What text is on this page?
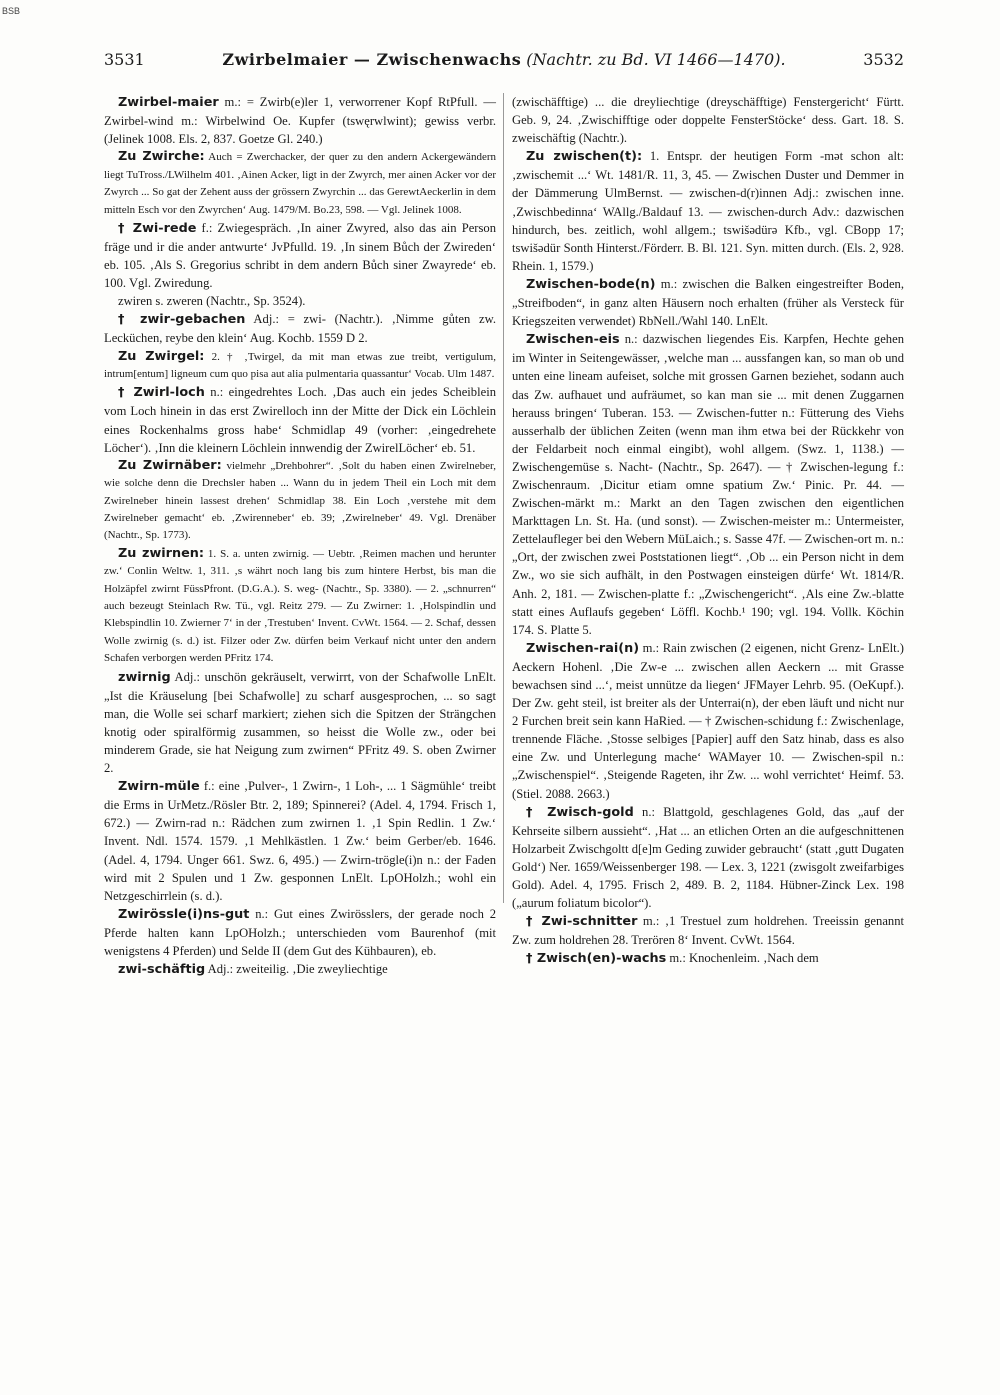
BSB
3531	Zwirbelmaier — Zwischenwachs (Nachtr. zu Bd. VI 1466—1470).	3532

Zwirbel-maier m.: = Zwirb(e)ler 1, verworrener Kopf RtPfull. — Zwirbel-wind m.: Wirbelwind Oe. Kupfer (tswęrwlwint); gewiss verbr. (Jelinek 1008. Els. 2, 837. Goetze Gl. 240.)

Zu Zwirche: Auch = Zwerchacker, der quer zu den andern Ackergewändern liegt TuTross./LWilhelm 401. ‚Ainen Acker, ligt in der Zwyrch, mer ainen Acker vor der Zwyrch ... So gat der Zehent auss der grössern Zwyrchin ... das GerewtAeckerlin in dem mitteln Esch vor den Zwyrchen‘ Aug. 1479/M. Bo.23, 598. — Vgl. Jelinek 1008.

† Zwi-rede f.: Zwiegespräch. ‚In ainer Zwyred, also das ain Person fräge und ir die ander antwurte‘ JvPfulld. 19. ‚In sinem Bůch der Zwireden‘ eb. 105. ‚Als S. Gregorius schribt in dem andern Bůch siner Zwayrede‘ eb. 100. Vgl. Zwiredung.

zwiren s. zweren (Nachtr., Sp. 3524).

† zwir-gebachen Adj.: = zwi- (Nachtr.). ‚Nimme gůten zw. Lecküchen, reybe den klein‘ Aug. Kochb. 1559 D 2.

Zu Zwirgel: 2. † ‚Twirgel, da mit man etwas zue treibt, vertigulum, intrum[entum] ligneum cum quo pisa aut alia pulmentaria quassantur‘ Vocab. Ulm 1487.

† Zwirl-loch n.: eingedrehtes Loch. ‚Das auch ein jedes Scheiblein vom Loch hinein in das erst Zwirelloch inn der Mitte der Dick ein Löchlein eines Rockenhalms gross habe‘ Schmidlap 49 (vorher: ‚eingedrehete Löcher‘). ‚Inn die kleinern Löchlein innwendig der ZwirelLöcher‘ eb. 51.

Zu Zwirnäber: vielmehr „Drehbohrer“. ‚Solt du haben einen Zwirelneber, wie solche denn die Drechsler haben ... Wann du in jedem Theil ein Loch mit dem Zwirelneber hinein lassest drehen‘ Schmidlap 38. Ein Loch ‚verstehe mit dem Zwirelneber gemacht‘ eb. ‚Zwirenneber‘ eb. 39; ‚Zwirelneber‘ 49. Vgl. Drenäber (Nachtr., Sp. 1773).

Zu zwirnen: 1. S. a. unten zwirnig. — Uebtr. ‚Reimen machen und herunter zw.‘ Conlin Weltw. 1, 311. ‚s währt noch lang bis zum hintere Herbst, bis man die Holzäpfel zwirnt FüssPfront. (D.G.A.). S. weg- (Nachtr., Sp. 3380). — 2. „schnurren“ auch bezeugt Steinlach Rw. Tü., vgl. Reitz 279. — Zu Zwirner: 1. ‚Holspindlin und Klebspindlin 10. Zwierner 7‘ in der ‚Trestuben‘ Invent. CvWt. 1564. — 2. Schaf, dessen Wolle zwirnig (s. d.) ist. Filzer oder Zw. dürfen beim Verkauf nicht unter den andern Schafen verborgen werden PFritz 174.

zwirnig Adj.: unschön gekräuselt, verwirrt, von der Schafwolle LnElt. „Ist die Kräuselung [bei Schafwolle] zu scharf ausgesprochen, ... so sagt man, die Wolle sei scharf markiert; ziehen sich die Spitzen der Strängchen knotig oder spiralförmig zusammen, so heisst die Wolle zw., oder bei minderem Grade, sie hat Neigung zum zwirnen“ PFritz 49. S. oben Zwirner 2.

Zwirn-müle f.: eine ‚Pulver-, 1 Zwirn-, 1 Loh-, ... 1 Sägmühle‘ treibt die Erms in UrMetz./Rösler Btr. 2, 189; Spinnerei? (Adel. 4, 1794. Frisch 1, 672.) — Zwirn-rad n.: Rädchen zum zwirnen 1. ‚1 Spin Redlin. 1 Zw.‘ Invent. Ndl. 1574. 1579. ‚1 Mehlkästlen. 1 Zw.‘ beim Gerber/eb. 1646. (Adel. 4, 1794. Unger 661. Swz. 6, 495.) — Zwirn-trögle(i)n n.: der Faden wird mit 2 Spulen und 1 Zw. gesponnen LnElt. LpOHolzh.; wohl ein Netzgeschirrlein (s. d.).

Zwirössle(i)ns-gut n.: Gut eines Zwirösslers, der gerade noch 2 Pferde halten kann LpOHolzh.; unterschieden vom Baurenhof (mit wenigstens 4 Pferden) und Selde II (dem Gut des Kühbauren), eb.

zwi-schäftig Adj.: zweiteilig. ‚Die zweyliechtige

(zwischäfftige) ... die dreyliechtige (dreyschäfftige) Fenstergericht‘ Fürtt. Geb. 9, 24. ‚Zwischifftige oder doppelte FensterStöcke‘ dess. Gart. 18. S. zweischäftig (Nachtr.).

Zu zwischen(t): 1. Entspr. der heutigen Form -mət schon alt: ‚zwischemit ...‘ Wt. 1481/R. 11, 3, 45. — Zwischen Duster und Demmer in der Dämmerung UlmBernst. — zwischen-d(r)innen Adj.: zwischen inne. ‚Zwischbedinna‘ WAllg./Baldauf 13. — zwischen-durch Adv.: dazwischen hindurch, bes. zeitlich, wohl allgem.; tswišədürə Kfb., vgl. CBopp 17; tswišədür Sonth Hinterst./Förderr. B. Bl. 121. Syn. mitten durch. (Els. 2, 928. Rhein. 1, 1579.)

Zwischen-bode(n) m.: zwischen die Balken eingestreifter Boden, „Streifboden“, in ganz alten Häusern noch erhalten (früher als Versteck für Kriegszeiten verwendet) RbNell./Wahl 140. LnElt.

Zwischen-eis n.: dazwischen liegendes Eis. Karpfen, Hechte gehen im Winter in Seitengewässer, ‚welche man ... aussfangen kan, so man ob und unten eine lineam aufeiset, solche mit grossen Garnen beziehet, sodann auch das Zw. aufhauet und aufräumet, so kan man sie ... mit denen Zuggarnen herauss bringen‘ Tuberan. 153. — Zwischen-futter n.: Fütterung des Viehs ausserhalb der üblichen Zeiten (wenn man ihm etwa bei der Rückkehr von der Feldarbeit noch einmal eingibt), wohl allgem. (Swz. 1, 1138.) — Zwischengemüse s. Nacht- (Nachtr., Sp. 2647). — † Zwischen-legung f.: Zwischenraum. ‚Dicitur etiam omne spatium Zw.‘ Pinic. Pr. 44. — Zwischen-märkt m.: Markt an den Tagen zwischen den eigentlichen Markttagen Ln. St. Ha. (und sonst). — Zwischen-meister m.: Untermeister, Zettelaufleger bei den Webern MüLaich.; s. Sasse 47f. — Zwischen-ort m. n.: „Ort, der zwischen zwei Poststationen liegt“. ‚Ob ... ein Person nicht in dem Zw., wo sie sich aufhält, in den Postwagen einsteigen dürfe‘ Wt. 1814/R. Anh. 2, 181. — Zwischen-platte f.: „Zwischengericht“. ‚Als eine Zw.-blatte statt eines Auflaufs gegeben‘ Löffl. Kochb.¹ 190; vgl. 194. Vollk. Köchin 174. S. Platte 5.

Zwischen-rai(n) m.: Rain zwischen (2 eigenen, nicht Grenz- LnElt.) Aeckern Hohenl. ‚Die Zw-e ... zwischen allen Aeckern ... mit Grasse bewachsen sind ...‘, meist unnütze da liegen‘ JFMayer Lehrb. 95. (OeKupf.). Der Zw. geht steil, ist breiter als der Unterrai(n), der eben läuft und nicht nur 2 Furchen breit sein kann HaRied. — † Zwischen-schidung f.: Zwischenlage, trennende Fläche. ‚Stosse selbiges [Papier] auff den Satz hinab, dass es also eine Zw. und Unterlegung mache‘ WAMayer 10. — Zwischen-spil n.: „Zwischenspiel“. ‚Steigende Rageten, ihr Zw. ... wohl verrichtet‘ Heimf. 53. (Stiel. 2088. 2663.)

† Zwisch-gold n.: Blattgold, geschlagenes Gold, das „auf der Kehrseite silbern aussieht“. ‚Hat ... an etlichen Orten an die aufgeschnittenen Holzarbeit Zwischgoltt d[e]m Geding zuwider gebraucht‘ (statt ‚gutt Dugaten Gold‘) Ner. 1659/Weissenberger 198. — Lex. 3, 1221 (zwisgolt zweifarbiges Gold). Adel. 4, 1795. Frisch 2, 489. B. 2, 1184. Hübner-Zinck Lex. 198 („aurum foliatum bicolor“).

† Zwi-schnitter m.: ‚1 Trestuel zum holdrehen. Treeissin genannt Zw. zum holdrehen 28. Trerören 8‘ Invent. CvWt. 1564.

† Zwisch(en)-wachs m.: Knochenleim. ‚Nach dem
